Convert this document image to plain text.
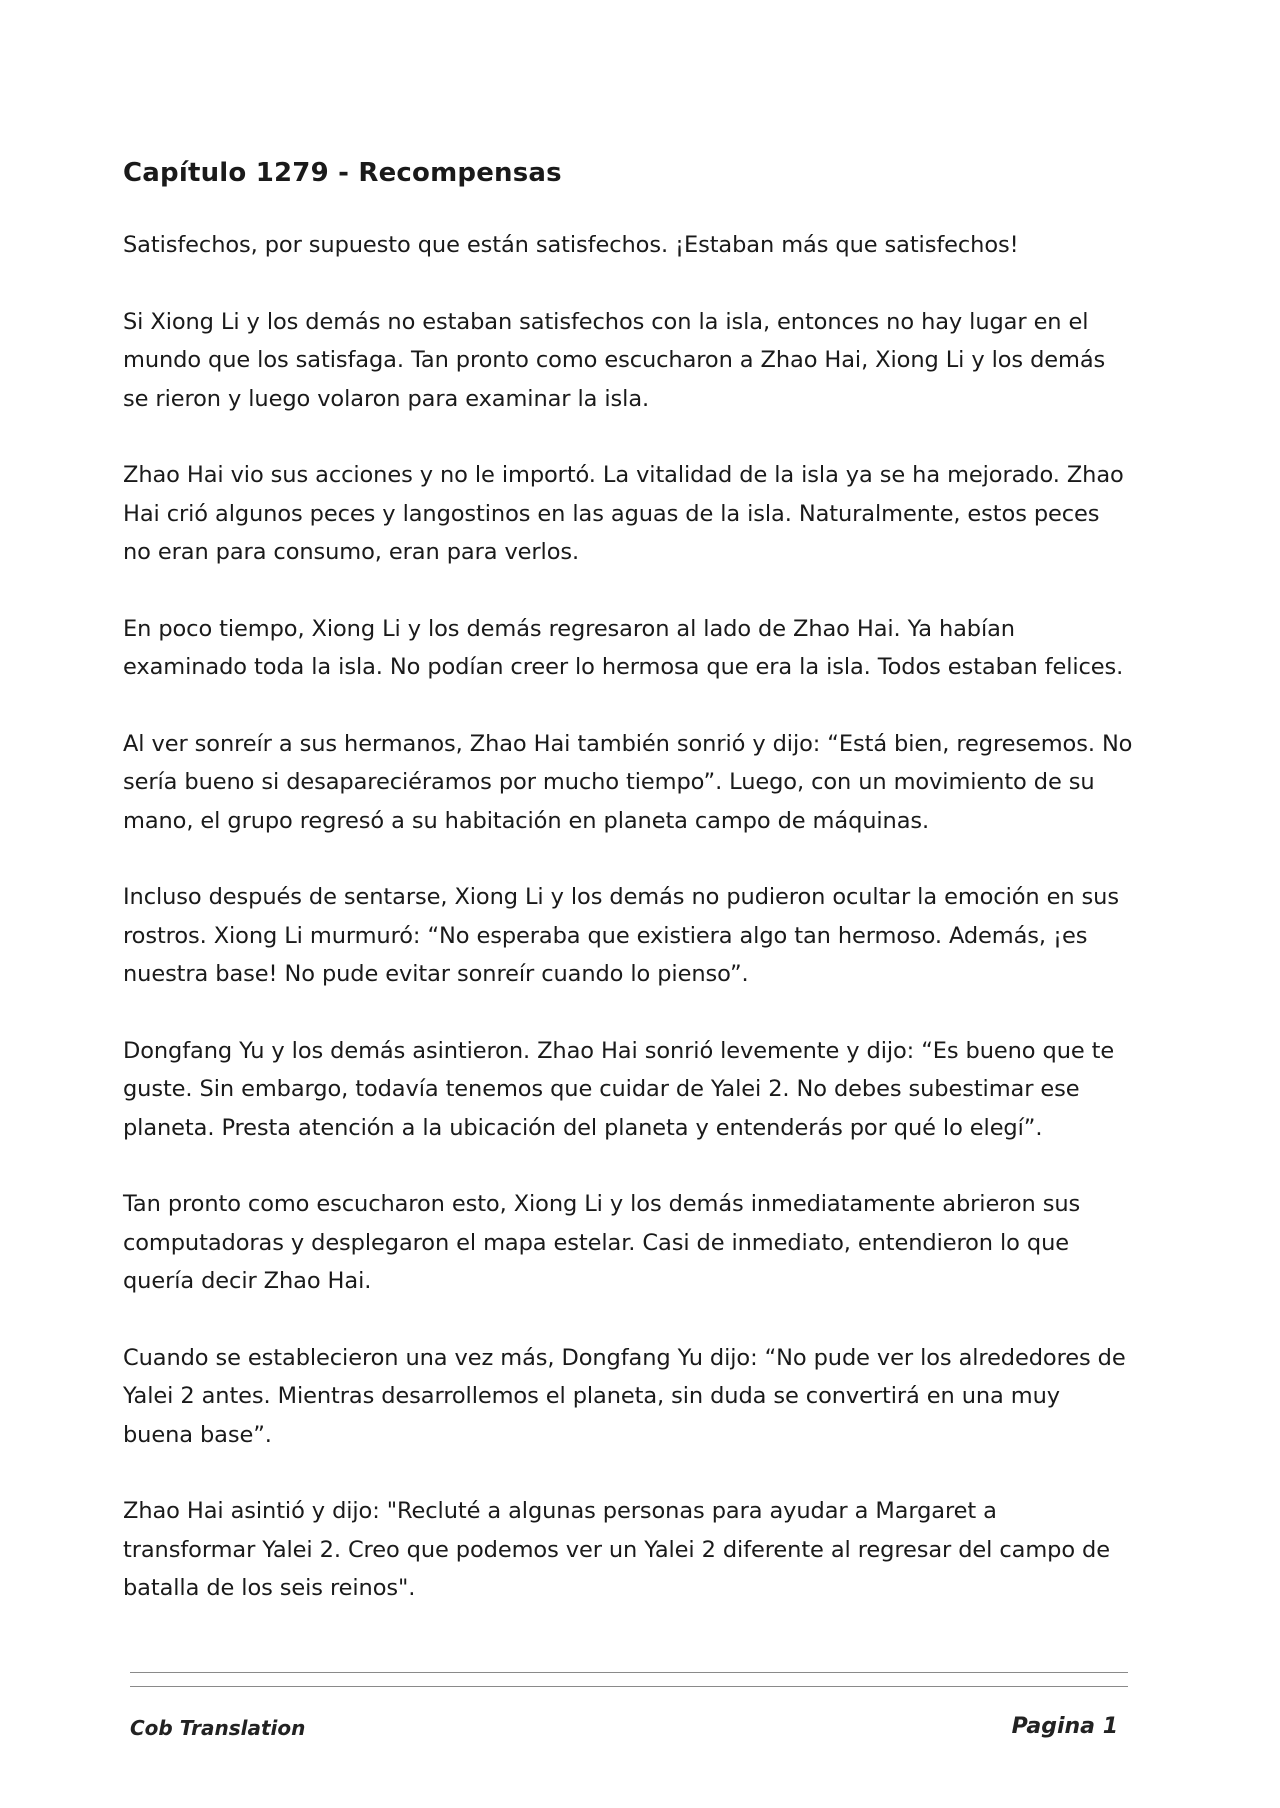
Capítulo 1279 - Recompensas

Satisfechos, por supuesto que están satisfechos. ¡Estaban más que satisfechos!

Si Xiong Li y los demás no estaban satisfechos con la isla, entonces no hay lugar en el mundo que los satisfaga. Tan pronto como escucharon a Zhao Hai, Xiong Li y los demás se rieron y luego volaron para examinar la isla.

Zhao Hai vio sus acciones y no le importó. La vitalidad de la isla ya se ha mejorado. Zhao Hai crió algunos peces y langostinos en las aguas de la isla. Naturalmente, estos peces no eran para consumo, eran para verlos.

En poco tiempo, Xiong Li y los demás regresaron al lado de Zhao Hai. Ya habían examinado toda la isla. No podían creer lo hermosa que era la isla. Todos estaban felices.

Al ver sonreír a sus hermanos, Zhao Hai también sonrió y dijo: “Está bien, regresemos. No sería bueno si desapareciéramos por mucho tiempo”. Luego, con un movimiento de su mano, el grupo regresó a su habitación en planeta campo de máquinas.

Incluso después de sentarse, Xiong Li y los demás no pudieron ocultar la emoción en sus rostros. Xiong Li murmuró: “No esperaba que existiera algo tan hermoso. Además, ¡es nuestra base! No pude evitar sonreír cuando lo pienso”.

Dongfang Yu y los demás asintieron. Zhao Hai sonrió levemente y dijo: “Es bueno que te guste. Sin embargo, todavía tenemos que cuidar de Yalei 2. No debes subestimar ese planeta. Presta atención a la ubicación del planeta y entenderás por qué lo elegí”.

Tan pronto como escucharon esto, Xiong Li y los demás inmediatamente abrieron sus computadoras y desplegaron el mapa estelar. Casi de inmediato, entendieron lo que quería decir Zhao Hai.

Cuando se establecieron una vez más, Dongfang Yu dijo: “No pude ver los alrededores de Yalei 2 antes. Mientras desarrollemos el planeta, sin duda se convertirá en una muy buena base”.

Zhao Hai asintió y dijo: "Recluté a algunas personas para ayudar a Margaret a transformar Yalei 2. Creo que podemos ver un Yalei 2 diferente al regresar del campo de batalla de los seis reinos".

Cob Translation	Pagina 1
